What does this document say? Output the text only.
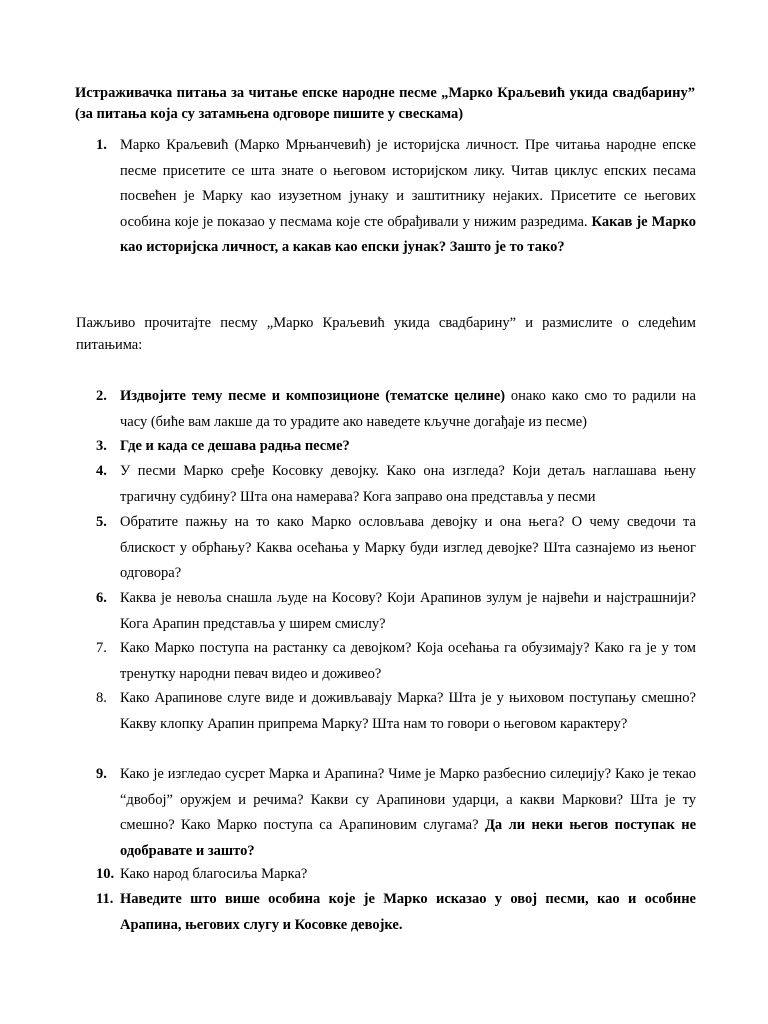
Истраживачка питања за читање епске народне песме „Марко Краљевић укида свадбарину” (за питања која су затамњена одговоре пишите у свескама)
1. Марко Краљевић (Марко Мрњанчевић) је историјска личност. Пре читања народне епске песме присетите се шта знате о његовом историјском лику. Читав циклус епских песама посвећен је Марку као изузетном јунаку и заштитнику нејаких. Присетите се његових особина које је показао у песмама које сте обрађивали у нижим разредима. Какав је Марко као историјска личност, а какав као епски јунак? Зашто је то тако?
Пажљиво прочитајте песму „Марко Краљевић укида свадбарину” и размислите о следећим питањима:
2. Издвојите тему песме и композиционе (тематске целине) онако како смо то радили на часу (биће вам лакше да то урадите ако наведете кључне догађаје из песме)
3. Где и када се дешава радња песме?
4. У песми Марко сређе Косовку девојку. Како она изгледа? Који детаљ наглашава њену трагичну судбину? Шта она намерава? Кога заправо она представља у песми
5. Обратите пажњу на то како Марко ословљава девојку и она њега? О чему сведочи та блискост у обрћању? Каква осећања у Марку буди изглед девојке? Шта сазнајемо из њеног одговора?
6. Каква је невоља снашла људе на Косову? Који Арапинов зулум је највећи и најстрашнији? Кога Арапин представља у ширем смислу?
7. Како Марко поступа на растанку са девојком? Која осећања га обузимају? Како га је у том тренутку народни певач видео и доживео?
8. Како Арапинове слуге виде и доживљавају Марка? Шта је у њиховом поступању смешно? Какву клопку Арапин припрема Марку? Шта нам то говори о његовом карактеру?
9. Како је изгледао сусрет Марка и Арапина? Чиме је Марко разбеснио силеџију? Како је текао “двобој” оружјем и речима? Какви су Арапинови ударци, а какви Маркови? Шта је ту смешно? Како Марко поступа са Арапиновим слугама? Да ли неки његов поступак не одобравате и зашто?
10. Како народ благосиља Марка?
11. Наведите што више особина које је Марко исказао у овој песми, као и особине Арапина, његових слугу и Косовке девојке.
